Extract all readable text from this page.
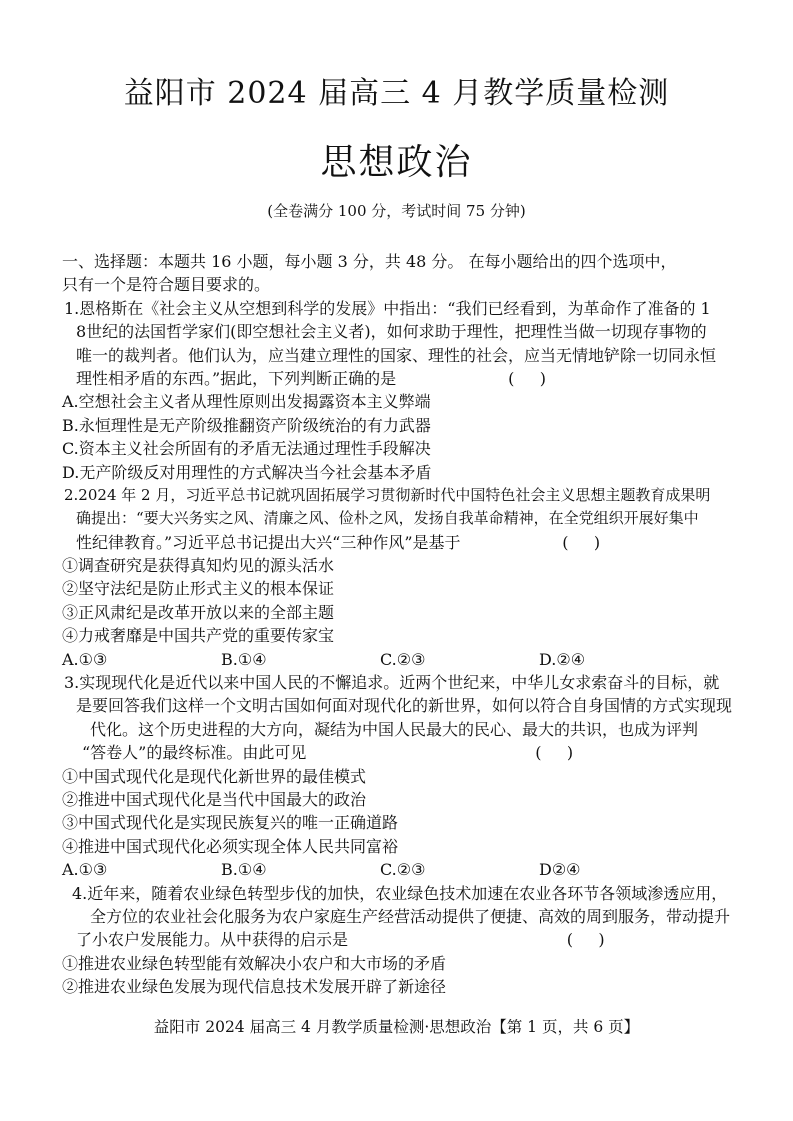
益阳市 2024 届高三 4 月教学质量检测
思想政治
(全卷满分 100 分，考试时间 75 分钟)
一、选择题：本题共 16 小题，每小题 3 分，共 48 分。 在每小题给出的四个选项中，
只有一个是符合题目要求的。
1.恩格斯在《社会主义从空想到科学的发展》中指出：“我们已经看到，为革命作了准备的 1
8世纪的法国哲学家们(即空想社会主义者)，如何求助于理性，把理性当做一切现存事物的
唯一的裁判者。他们认为，应当建立理性的国家、理性的社会，应当无情地铲除一切同永恒
理性相矛盾的东西。”据此，下列判断正确的是                      (     )
A.空想社会主义者从理性原则出发揭露资本主义弊端
B.永恒理性是无产阶级推翻资产阶级统治的有力武器
C.资本主义社会所固有的矛盾无法通过理性手段解决
D.无产阶级反对用理性的方式解决当今社会基本矛盾
2.2024 年 2 月，习近平总书记就巩固拓展学习贯彻新时代中国特色社会主义思想主题教育成果明
确提出：“要大兴务实之风、清廉之风、俭朴之风，发扬自我革命精神，在全党组织开展好集中
性纪律教育。”习近平总书记提出大兴“三种作风”是基于                    (     )
①调查研究是获得真知灼见的源头活水
②坚守法纪是防止形式主义的根本保证
③正风肃纪是改革开放以来的全部主题
④力戒奢靡是中国共产党的重要传家宝
A.①③	B.①④	C.②③	D.②④
3.实现现代化是近代以来中国人民的不懈追求。近两个世纪来，中华儿女求索奋斗的目标，就
是要回答我们这样一个文明古国如何面对现代化的新世界，如何以符合自身国情的方式实现现
代化。这个历史进程的大方向，凝结为中国人民最大的民心、最大的共识，也成为评判
“答卷人”的最终标准。由此可见                                             (     )
①中国式现代化是现代化新世界的最佳模式
②推进中国式现代化是当代中国最大的政治
③中国式现代化是实现民族复兴的唯一正确道路
④推进中国式现代化必须实现全体人民共同富裕
A.①③	B.①④	C.②③	D②④
4.近年来，随着农业绿色转型步伐的加快，农业绿色技术加速在农业各环节各领域渗透应用，
全方位的农业社会化服务为农户家庭生产经营活动提供了便捷、高效的周到服务，带动提升
了小农户发展能力。从中获得的启示是                                           (     )
①推进农业绿色转型能有效解决小农户和大市场的矛盾
②推进农业绿色发展为现代信息技术发展开辟了新途径
益阳市 2024 届高三 4 月教学质量检测·思想政治【第 1 页，共 6 页】
